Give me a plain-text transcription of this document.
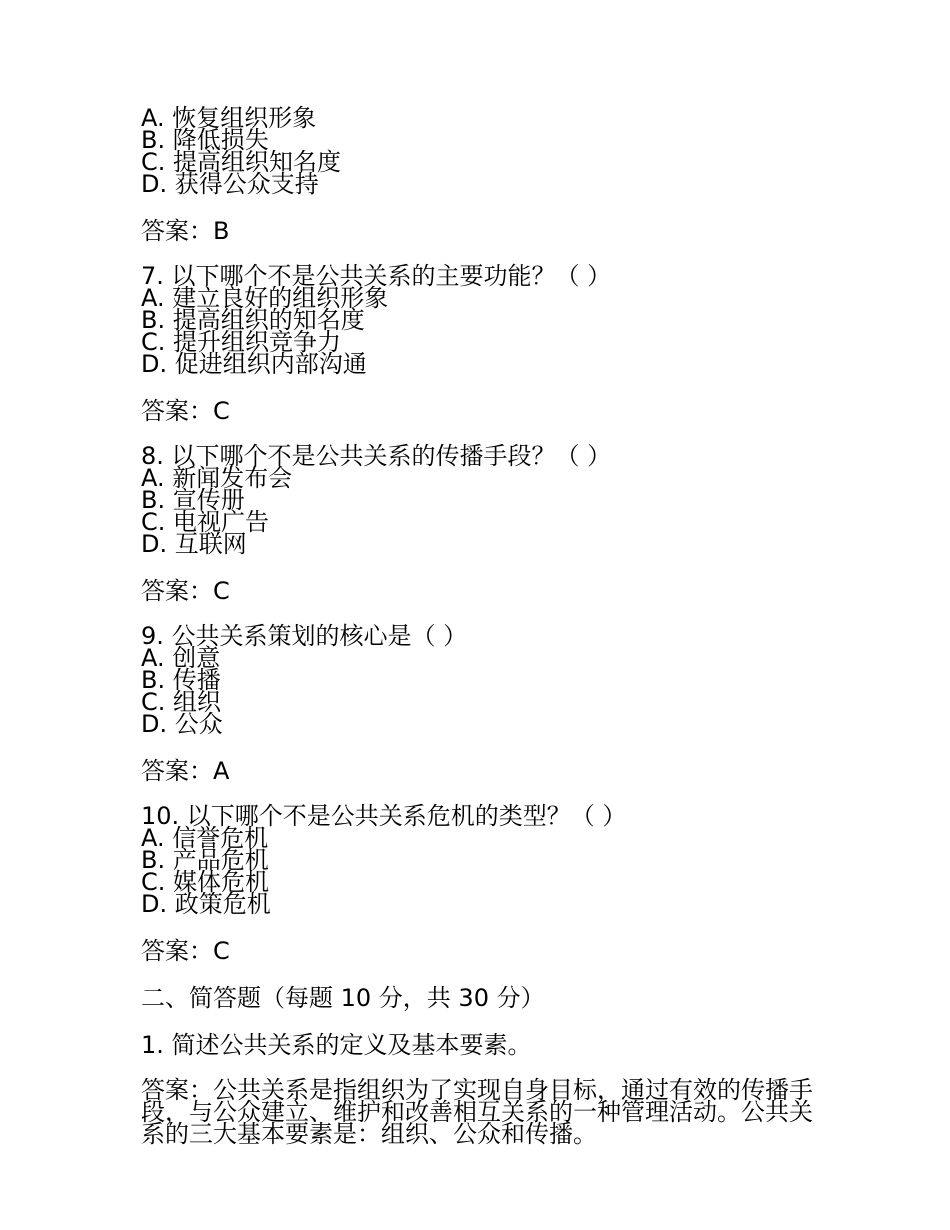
A. 恢复组织形象
B. 降低损失
C. 提高组织知名度
D. 获得公众支持
答案：B
7. 以下哪个不是公共关系的主要功能？（ ）
A. 建立良好的组织形象
B. 提高组织的知名度
C. 提升组织竞争力
D. 促进组织内部沟通
答案：C
8. 以下哪个不是公共关系的传播手段？（ ）
A. 新闻发布会
B. 宣传册
C. 电视广告
D. 互联网
答案：C
9. 公共关系策划的核心是（ ）
A. 创意
B. 传播
C. 组织
D. 公众
答案：A
10. 以下哪个不是公共关系危机的类型？（ ）
A. 信誉危机
B. 产品危机
C. 媒体危机
D. 政策危机
答案：C
二、简答题（每题 10 分，共 30 分）
1. 简述公共关系的定义及基本要素。
答案：公共关系是指组织为了实现自身目标，通过有效的传播手段，与公众建立、维护和改善相互关系的一种管理活动。公共关系的三大基本要素是：组织、公众和传播。
